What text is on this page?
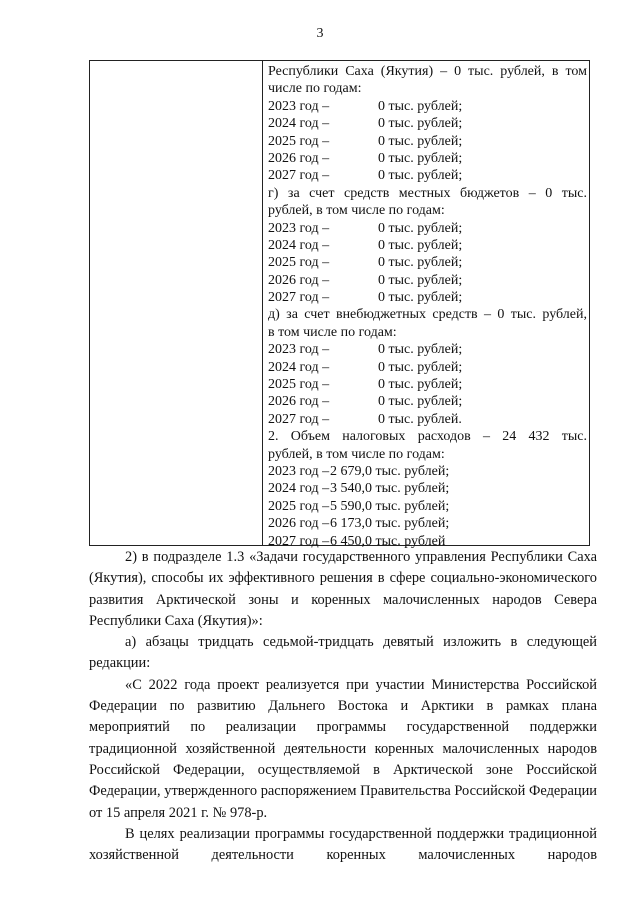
3
Республики Саха (Якутия) – 0 тыс. рублей, в том
числе по годам:
2023 год –	0 тыс. рублей;
2024 год –	0 тыс. рублей;
2025 год –	0 тыс. рублей;
2026 год –	0 тыс. рублей;
2027 год –	0 тыс. рублей;
г) за счет средств местных бюджетов – 0 тыс.
рублей, в том числе по годам:
2023 год –	0 тыс. рублей;
2024 год –	0 тыс. рублей;
2025 год –	0 тыс. рублей;
2026 год –	0 тыс. рублей;
2027 год –	0 тыс. рублей;
д) за счет внебюджетных средств – 0 тыс. рублей,
в том числе по годам:
2023 год –	0 тыс. рублей;
2024 год –	0 тыс. рублей;
2025 год –	0 тыс. рублей;
2026 год –	0 тыс. рублей;
2027 год –	0 тыс. рублей.
2. Объем налоговых расходов – 24 432 тыс.
рублей, в том числе по годам:
2023 год –2 679,0 тыс. рублей;
2024 год –3 540,0 тыс. рублей;
2025 год –5 590,0 тыс. рублей;
2026 год –6 173,0 тыс. рублей;
2027 год –6 450,0 тыс. рублей

2) в подразделе 1.3 «Задачи государственного управления Республики Саха (Якутия), способы их эффективного решения в сфере социально-экономического развития Арктической зоны и коренных малочисленных народов Севера Республики Саха (Якутия)»:

а) абзацы тридцать седьмой-тридцать девятый изложить в следующей редакции:

«С 2022 года проект реализуется при участии Министерства Российской Федерации по развитию Дальнего Востока и Арктики в рамках плана мероприятий по реализации программы государственной поддержки традиционной хозяйственной деятельности коренных малочисленных народов Российской Федерации, осуществляемой в Арктической зоне Российской Федерации, утвержденного распоряжением Правительства Российской Федерации от 15 апреля 2021 г. № 978-р.

В целях реализации программы государственной поддержки традиционной хозяйственной деятельности коренных малочисленных народов
